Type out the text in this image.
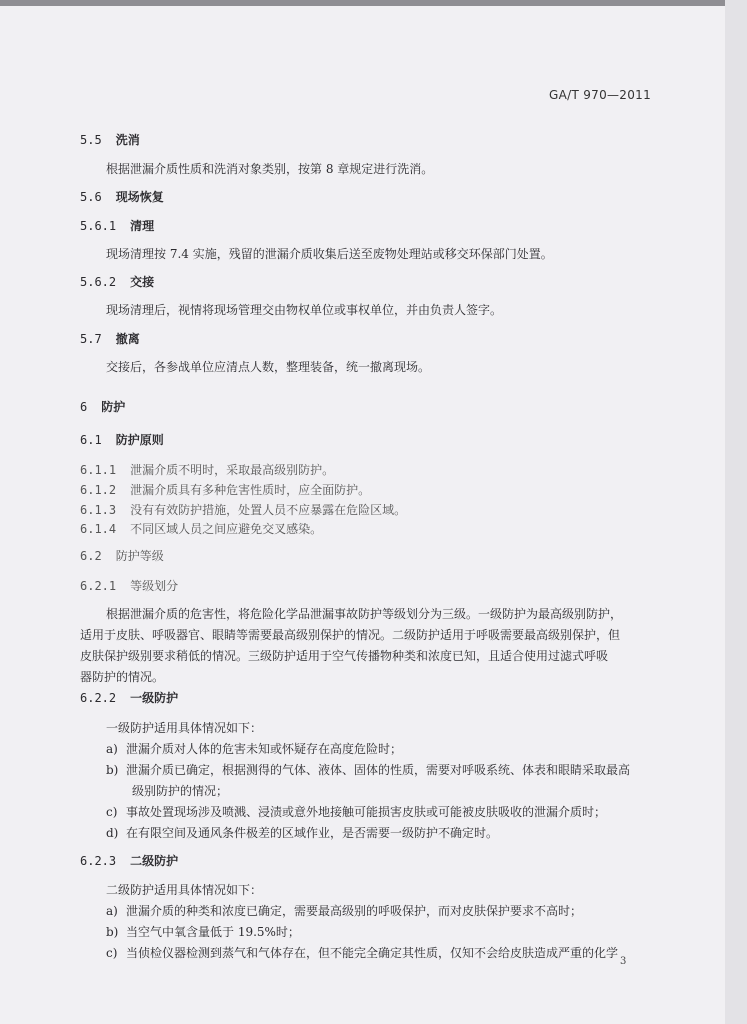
GA/T 970—2011
5.5 洗消
根据泄漏介质性质和洗消对象类别，按第 8 章规定进行洗消。
5.6 现场恢复
5.6.1 清理
现场清理按 7.4 实施，残留的泄漏介质收集后送至废物处理站或移交环保部门处置。
5.6.2 交接
现场清理后，视情将现场管理交由物权单位或事权单位，并由负责人签字。
5.7 撤离
交接后，各参战单位应清点人数，整理装备，统一撤离现场。
6 防护
6.1 防护原则
6.1.1 泄漏介质不明时，采取最高级别防护。
6.1.2 泄漏介质具有多种危害性质时，应全面防护。
6.1.3 没有有效防护措施，处置人员不应暴露在危险区域。
6.1.4 不同区域人员之间应避免交叉感染。
6.2 防护等级
6.2.1 等级划分
根据泄漏介质的危害性，将危险化学品泄漏事故防护等级划分为三级。一级防护为最高级别防护，
适用于皮肤、呼吸器官、眼睛等需要最高级别保护的情况。二级防护适用于呼吸需要最高级别保护，但
皮肤保护级别要求稍低的情况。三级防护适用于空气传播物种类和浓度已知，且适合使用过滤式呼吸
器防护的情况。
6.2.2 一级防护
一级防护适用具体情况如下：
a) 泄漏介质对人体的危害未知或怀疑存在高度危险时；
b) 泄漏介质已确定，根据测得的气体、液体、固体的性质，需要对呼吸系统、体表和眼睛采取最高
级别防护的情况；
c) 事故处置现场涉及喷溅、浸渍或意外地接触可能损害皮肤或可能被皮肤吸收的泄漏介质时；
d) 在有限空间及通风条件极差的区域作业，是否需要一级防护不确定时。
6.2.3 二级防护
二级防护适用具体情况如下：
a) 泄漏介质的种类和浓度已确定，需要最高级别的呼吸保护，而对皮肤保护要求不高时；
b) 当空气中氧含量低于 19.5%时；
c) 当侦检仪器检测到蒸气和气体存在，但不能完全确定其性质，仅知不会给皮肤造成严重的化学
3
